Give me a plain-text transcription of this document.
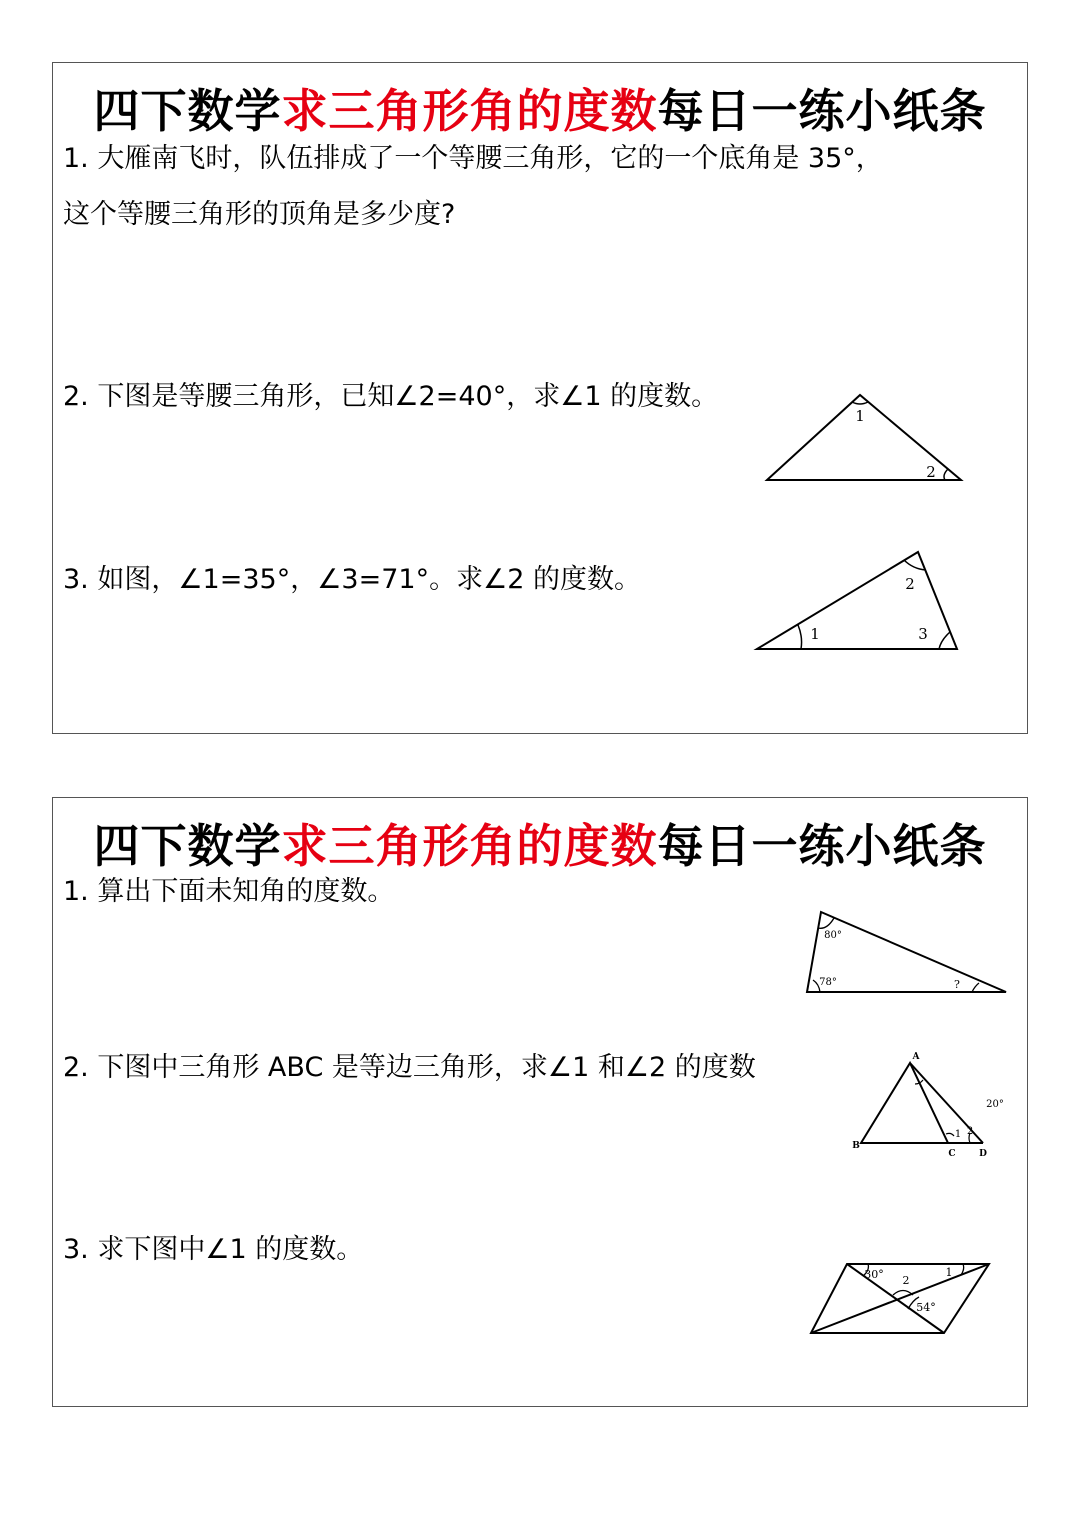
四下数学求三角形角的度数每日一练小纸条
1. 大雁南飞时，队伍排成了一个等腰三角形，它的一个底角是 35°，
这个等腰三角形的顶角是多少度?
2. 下图是等腰三角形，已知∠2=40°，求∠1 的度数。
1
2
3. 如图，∠1=35°，∠3=71°。求∠2 的度数。
1
2
3
四下数学求三角形角的度数每日一练小纸条
1. 算出下面未知角的度数。
80°
78°	?
2. 下图中三角形 ABC 是等边三角形，求∠1 和∠2 的度数	A
B
C	D
20°
1 2
3. 求下图中∠1 的度数。
30°
54°
1
2
